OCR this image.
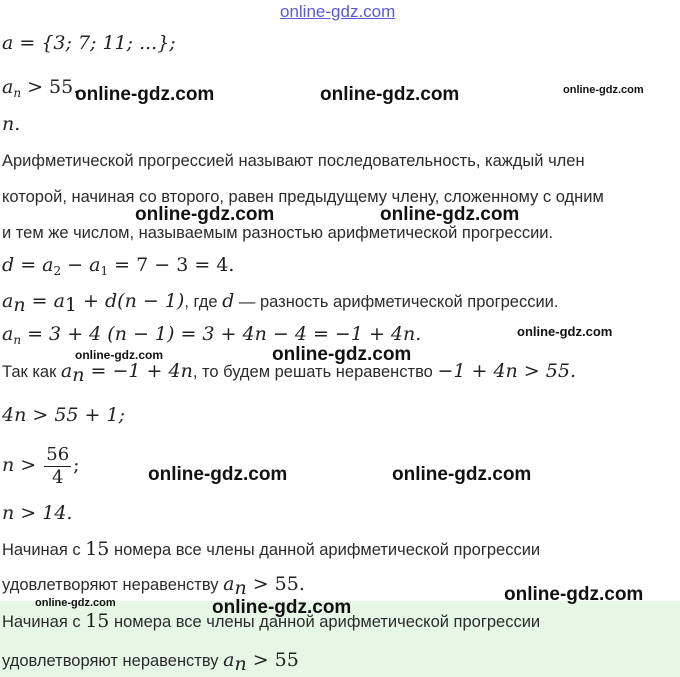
a = {3; 7; 11; ...};
$a_n > 55$.
n.
Арифметической прогрессией называют последовательность, каждый член
которой, начиная со второго, равен предыдущему члену, сложенному с одним
и тем же числом, называемым разностью арифметической прогрессии.
$d = a_2 - a_1 = 7 - 3 = 4$.
$a_n = a_1 + d(n - 1)$, где d — разность арифметической прогрессии.
$a_n = 3 + 4$ (n − 1) = 3 + 4n − 4 = −1 + 4n.
Так как $a_n = -1 + 4n$, то будем решать неравенство −1 + 4n > 55.
4n > 55 + 1;
$n > \frac{56}{4}$ ;
n > 14.
Начиная с 15 номера все члены данной арифметической прогрессии
удовлетворяют неравенству $a_n > 55$.
Начиная с 15 номера все члены данной арифметической прогрессии
удовлетворяют неравенству $a_n > 55$
online-gdz.com
online-gdz.com	online-gdz.com	online-gdz.com
online-gdz.com	online-gdz.com
online-gdz.com
online-gdz.com	online-gdz.com
online-gdz.com	online-gdz.com
online-gdz.com
online-gdz.com	online-gdz.com
